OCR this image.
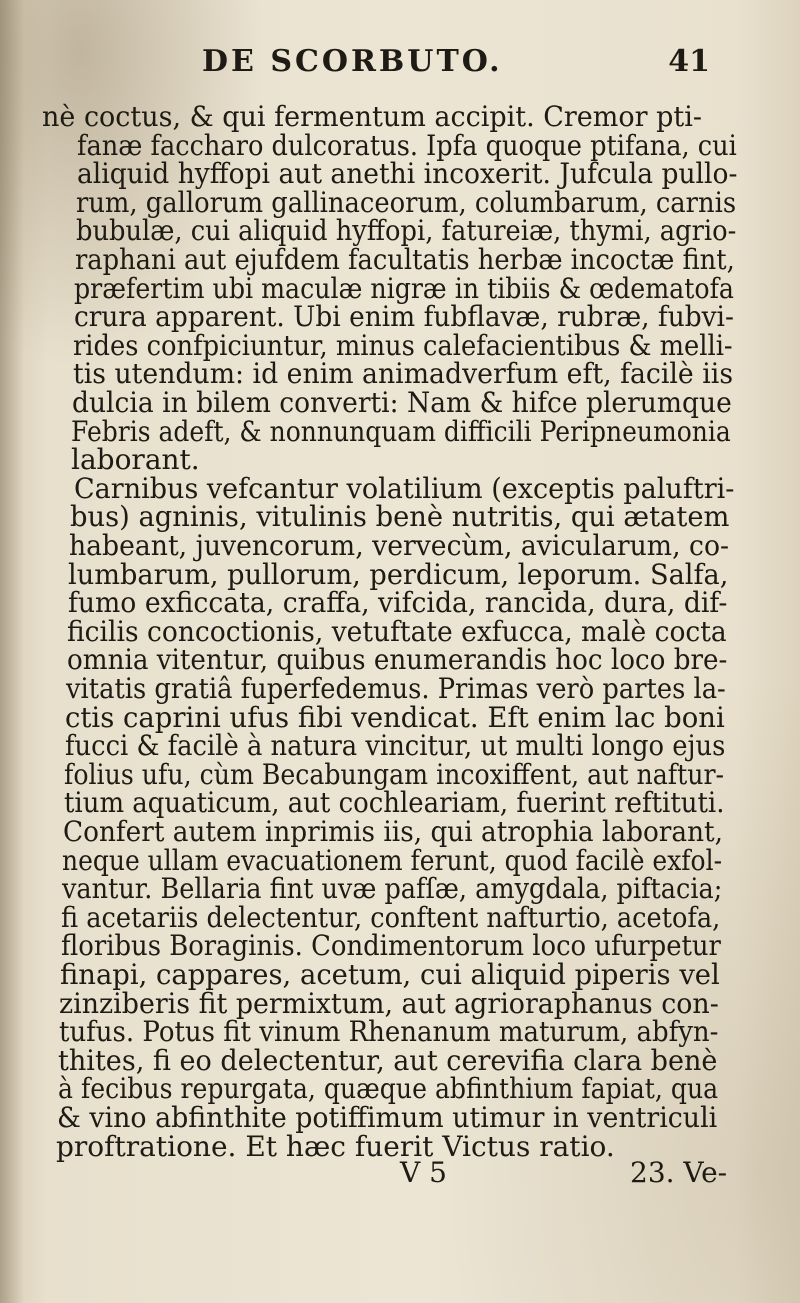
DE SCORBUTO.	41
nè coctus, & qui fermentum accipit. Cremor pti-
fanæ faccharo dulcoratus. Ipfa quoque ptifana, cui
aliquid hyffopi aut anethi incoxerit. Jufcula pullo-
rum, gallorum gallinaceorum, columbarum, carnis
bubulæ, cui aliquid hyffopi, fatureiæ, thymi, agrio-
raphani aut ejufdem facultatis herbæ incoctæ fint,
præfertim ubi maculæ nigræ in tibiis & œdematofa
crura apparent. Ubi enim fubflavæ, rubræ, fubvi-
rides confpiciuntur, minus calefacientibus & melli-
tis utendum: id enim animadverfum eft, facilè iis
dulcia in bilem converti: Nam & hifce plerumque
Febris adeft, & nonnunquam difficili Peripneumonia
laborant.
Carnibus vefcantur volatilium (exceptis paluftri-
bus) agninis, vitulinis benè nutritis, qui ætatem
habeant, juvencorum, vervecùm, avicularum, co-
lumbarum, pullorum, perdicum, leporum. Salfa,
fumo exficcata, craffa, vifcida, rancida, dura, dif-
ficilis concoctionis, vetuftate exfucca, malè cocta
omnia vitentur, quibus enumerandis hoc loco bre-
vitatis gratiâ fuperfedemus. Primas verò partes la-
ctis caprini ufus fibi vendicat. Eft enim lac boni
fucci & facilè à natura vincitur, ut multi longo ejus
folius ufu, cùm Becabungam incoxiffent, aut naftur-
tium aquaticum, aut cochleariam, fuerint reftituti.
Confert autem inprimis iis, qui atrophia laborant,
neque ullam evacuationem ferunt, quod facilè exfol-
vantur. Bellaria fint uvæ pafſæ, amygdala, piftacia;
fi acetariis delectentur, conftent nafturtio, acetofa,
floribus Boraginis. Condimentorum loco ufurpetur
finapi, cappares, acetum, cui aliquid piperis vel
zinziberis fit permixtum, aut agrioraphanus con-
tufus. Potus fit vinum Rhenanum maturum, abfyn-
thites, fi eo delectentur, aut cerevifia clara benè
à fecibus repurgata, quæque abfinthium fapiat, qua
& vino abfinthite potiffimum utimur in ventriculi
proftratione. Et hæc fuerit Victus ratio.
V 5	23. Ve-
